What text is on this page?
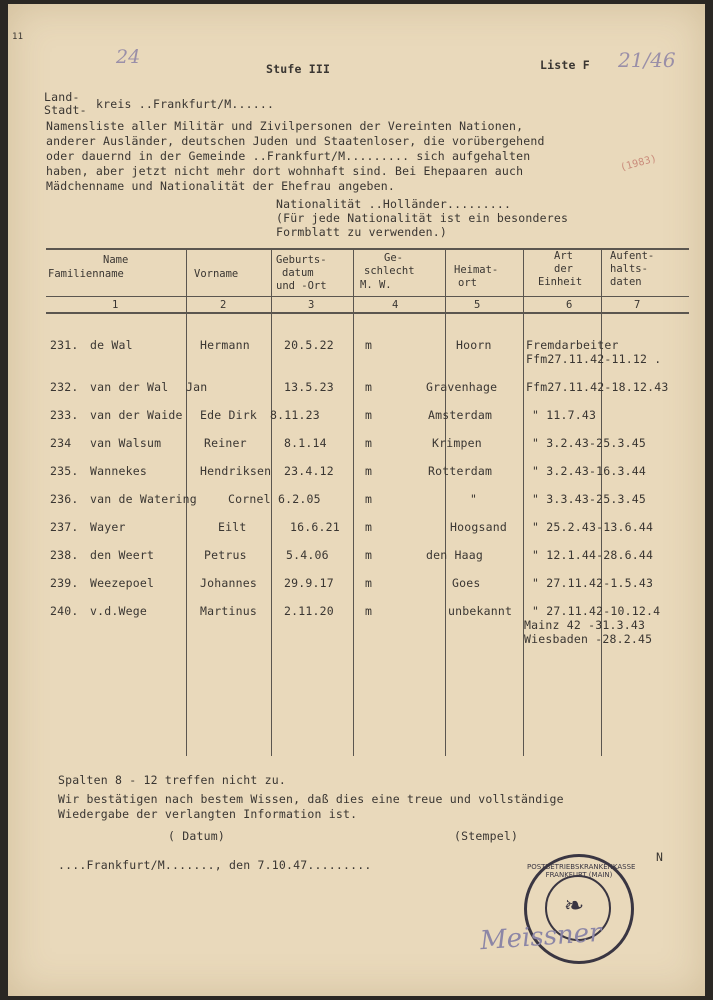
11
24
Stufe III	Liste F 21/46
Land-
Stadt- kreis ..Frankfurt/M......
Namensliste aller Militär und Zivilpersonen der Vereinten Nationen,
anderer Ausländer, deutschen Juden und Staatenloser, die vorübergehend
oder dauernd in der Gemeinde ..Frankfurt/M......... sich aufgehalten
haben, aber jetzt nicht mehr dort wohnhaft sind. Bei Ehepaaren auch
Mädchenname und Nationalität der Ehefrau angeben.
(1983)
Nationalität ..Holländer.........
(Für jede Nationalität ist ein besonderes
Formblatt zu verwenden.)
Name
Familienname
1
Vorname
2
Geburts-
datum
und -Ort
3
Ge-
schlecht
M. W.
4
Heimat-
ort
5
Art
der
Einheit
6
Aufent-
halts-
daten
7
231. de Wal	Hermann	20.5.22	m	Hoorn	Fremdarbeiter
Ffm27.11.42-11.12 .
232. van der Wal Jan	13.5.23	m	Gravenhage	Ffm27.11.42-18.12.43
233. van der Waide Ede Dirk 8.11.23	m	Amsterdam	" 11.7.43
234 van Walsum	Reiner	8.1.14	m	Krimpen	" 3.2.43-25.3.45
235. Wannekes	Hendriksen 23.4.12	m	Rotterdam	" 3.2.43-16.3.44
236. van de Watering	Cornel 6.2.05	m	"	" 3.3.43-25.3.45
237. Wayer	Eilt	16.6.21 m	Hoogsand " 25.2.43-13.6.44
238. den Weert	Petrus	5.4.06	m	den Haag	" 12.1.44-28.6.44
239. Weezepoel	Johannes 29.9.17	m	Goes	" 27.11.42-1.5.43
240. v.d.Wege	Martinus 2.11.20	m	unbekannt " 27.11.42-10.12.4
Mainz 42 -31.3.43
Wiesbaden -28.2.45
Spalten 8 - 12 treffen nicht zu.
Wir bestätigen nach bestem Wissen, daß dies eine treue und vollständige
Wiedergabe der verlangten Information ist.
( Datum)	(Stempel)
....Frankfurt/M......., den 7.10.47.........
N
❧
POSTBETRIEBSKRANKENKASSE FRANKFURT (MAIN)
Meissner
